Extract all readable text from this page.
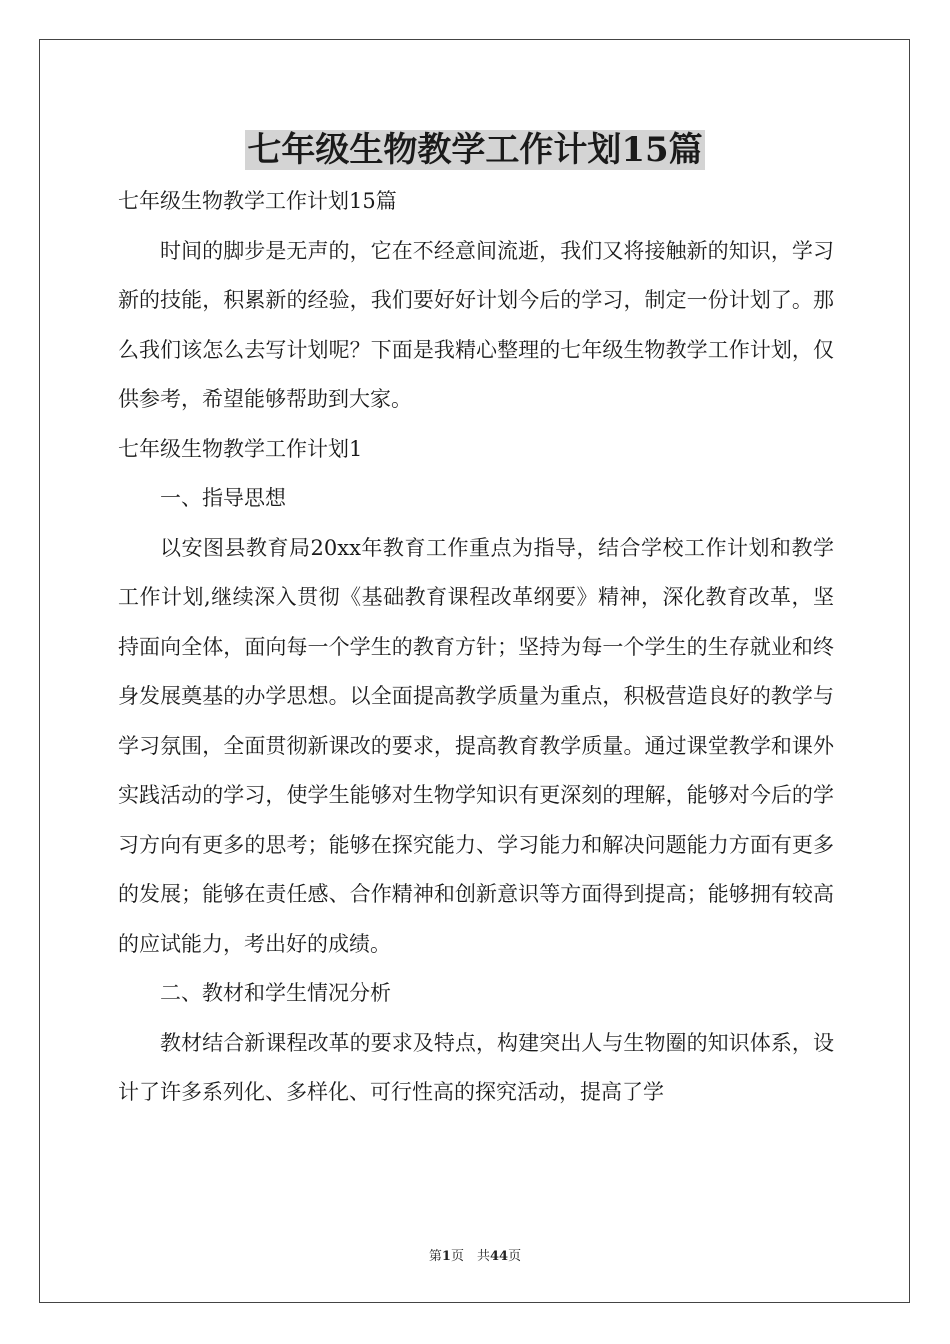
七年级生物教学工作计划15篇

七年级生物教学工作计划15篇

时间的脚步是无声的，它在不经意间流逝，我们又将接触新的知识，学习新的技能，积累新的经验，我们要好好计划今后的学习，制定一份计划了。那么我们该怎么去写计划呢？下面是我精心整理的七年级生物教学工作计划，仅供参考，希望能够帮助到大家。

七年级生物教学工作计划1

一、指导思想

以安图县教育局20xx年教育工作重点为指导，结合学校工作计划和教学工作计划,继续深入贯彻《基础教育课程改革纲要》精神，深化教育改革，坚持面向全体，面向每一个学生的教育方针；坚持为每一个学生的生存就业和终身发展奠基的办学思想。以全面提高教学质量为重点，积极营造良好的教学与学习氛围，全面贯彻新课改的要求，提高教育教学质量。通过课堂教学和课外实践活动的学习，使学生能够对生物学知识有更深刻的理解，能够对今后的学习方向有更多的思考；能够在探究能力、学习能力和解决问题能力方面有更多的发展；能够在责任感、合作精神和创新意识等方面得到提高；能够拥有较高的应试能力，考出好的成绩。

二、教材和学生情况分析

教材结合新课程改革的要求及特点，构建突出人与生物圈的知识体系，设计了许多系列化、多样化、可行性高的探究活动，提高了学

第1页　共44页
